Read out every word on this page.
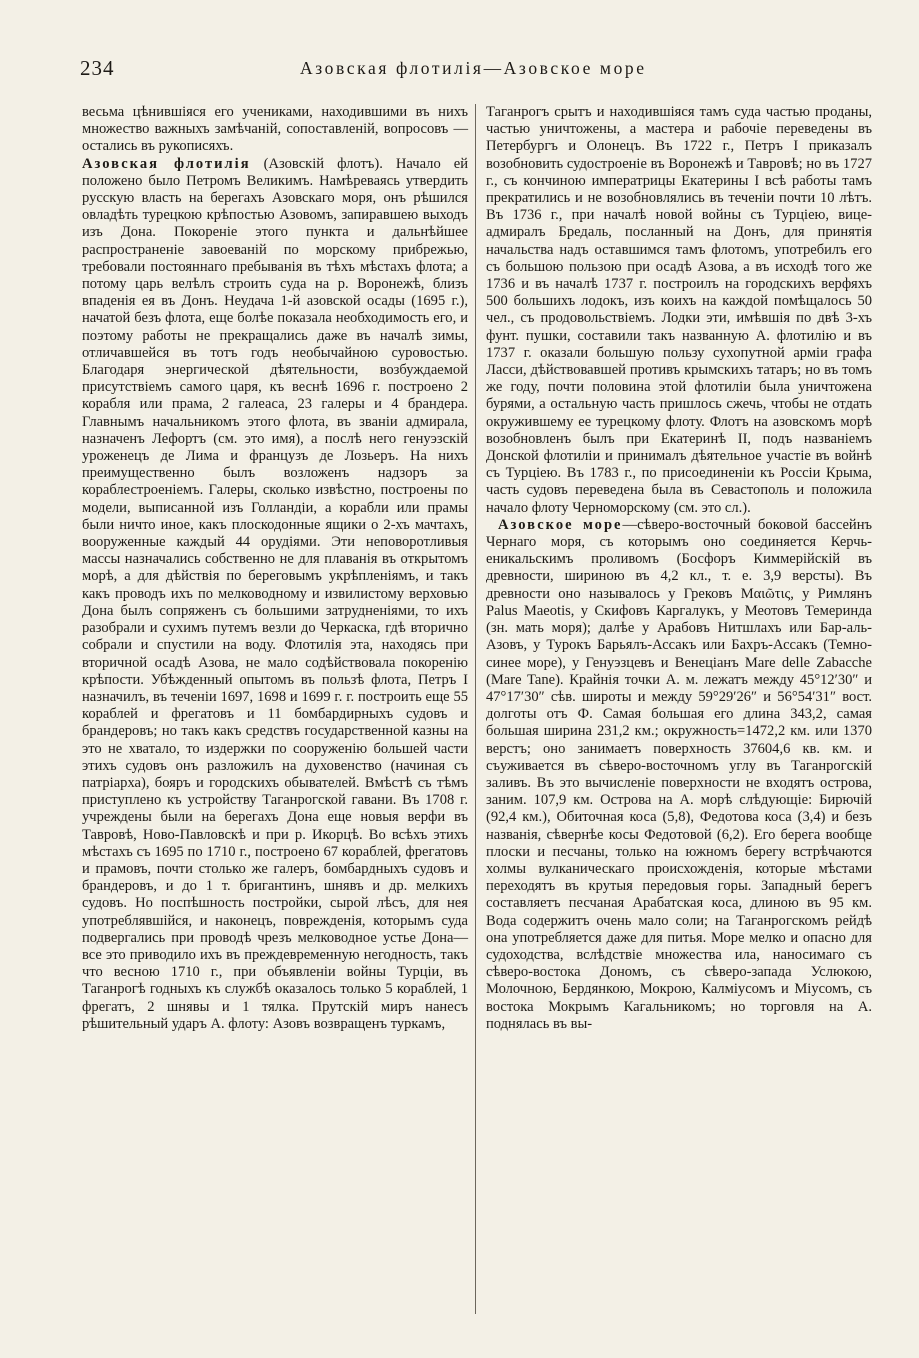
234	Азовская флотилія—Азовское море

весьма цѣнившіяся его учениками, находившими въ нихъ множество важныхъ замѣчаній, сопоставленій, вопросовъ — остались въ рукописяхъ.

Азовская флотилія (Азовскій флотъ). Начало ей положено было Петромъ Великимъ. Намѣреваясь утвердить русскую власть на берегахъ Азовскаго моря, онъ рѣшился овладѣть турецкою крѣпостью Азовомъ, запиравшею выходъ изъ Дона. Покореніе этого пункта и дальнѣйшее распространеніе завоеваній по морскому прибрежью, требовали постояннаго пребыванія въ тѣхъ мѣстахъ флота; а потому царь велѣлъ строить суда на р. Воронежѣ, близъ впаденія ея въ Донъ. Неудача 1-й азовской осады (1695 г.), начатой безъ флота, еще болѣе показала необходимость его, и поэтому работы не прекращались даже въ началѣ зимы, отличавшейся въ тотъ годъ необычайною суровостью. Благодаря энергической дѣятельности, возбуждаемой присутствіемъ самого царя, къ веснѣ 1696 г. построено 2 корабля или прама, 2 галеаса, 23 галеры и 4 брандера. Главнымъ начальникомъ этого флота, въ званіи адмирала, назначенъ Лефортъ (см. это имя), а послѣ него генуэзскій уроженецъ де Лима и французъ де Лозьеръ. На нихъ преимущественно былъ возложенъ надзоръ за кораблестроеніемъ. Галеры, сколько извѣстно, построены по модели, выписанной изъ Голландіи, а корабли или прамы были ничто иное, какъ плоскодонные ящики о 2-хъ мачтахъ, вооруженные каждый 44 орудіями. Эти неповоротливыя массы назначались собственно не для плаванія въ открытомъ морѣ, а для дѣйствія по береговымъ укрѣпленіямъ, и такъ какъ проводъ ихъ по мелководному и извилистому верховью Дона былъ сопряженъ съ большими затрудненіями, то ихъ разобрали и сухимъ путемъ везли до Черкаска, гдѣ вторично собрали и спустили на воду. Флотилія эта, находясь при вторичной осадѣ Азова, не мало содѣйствовала покоренію крѣпости. Убѣжденный опытомъ въ пользѣ флота, Петръ I назначилъ, въ теченіи 1697, 1698 и 1699 г. г. построить еще 55 кораблей и фрегатовъ и 11 бомбардирныхъ судовъ и брандеровъ; но такъ какъ средствъ государственной казны на это не хватало, то издержки по сооруженію большей части этихъ судовъ онъ разложилъ на духовенство (начиная съ патріарха), бояръ и городскихъ обывателей. Вмѣстѣ съ тѣмъ приступлено къ устройству Таганрогской гавани. Въ 1708 г. учреждены были на берегахъ Дона еще новыя верфи въ Тавровѣ, Ново-Павловскѣ и при р. Икорцѣ. Во всѣхъ этихъ мѣстахъ съ 1695 по 1710 г., построено 67 кораблей, фрегатовъ и прамовъ, почти столько же галеръ, бомбардныхъ судовъ и брандеровъ, и до 1 т. бригантинъ, шнявъ и др. мелкихъ судовъ. Но поспѣшность постройки, сырой лѣсъ, для нея употреблявшійся, и наконецъ, поврежденія, которымъ суда подвергались при проводѣ чрезъ мелководное устье Дона—все это приводило ихъ въ преждевременную негодность, такъ что весною 1710 г., при объявленіи войны Турціи, въ Таганрогѣ годныхъ къ службѣ оказалось только 5 кораблей, 1 фрегатъ, 2 шнявы и 1 тялка. Прутскій миръ нанесъ рѣшительный ударъ А. флоту: Азовъ возвращенъ туркамъ,

Таганрогъ срытъ и находившіяся тамъ суда частью проданы, частью уничтожены, а мастера и рабочіе переведены въ Петербургъ и Олонецъ. Въ 1722 г., Петръ I приказалъ возобновить судостроеніе въ Воронежѣ и Тавровѣ; но въ 1727 г., съ кончиною императрицы Екатерины I всѣ работы тамъ прекратились и не возобновлялись въ теченіи почти 10 лѣтъ. Въ 1736 г., при началѣ новой войны съ Турціею, вице-адмиралъ Бредаль, посланный на Донъ, для принятія начальства надъ оставшимся тамъ флотомъ, употребилъ его съ большою пользою при осадѣ Азова, а въ исходѣ того же 1736 и въ началѣ 1737 г. построилъ на городскихъ верфяхъ 500 большихъ лодокъ, изъ коихъ на каждой помѣщалось 50 чел., съ продовольствіемъ. Лодки эти, имѣвшія по двѣ 3-хъ фунт. пушки, составили такъ названную А. флотилію и въ 1737 г. оказали большую пользу сухопутной арміи графа Ласси, дѣйствовавшей противъ крымскихъ татаръ; но въ томъ же году, почти половина этой флотиліи была уничтожена бурями, а остальную часть пришлось сжечь, чтобы не отдать окружившему ее турецкому флоту. Флотъ на азовскомъ морѣ возобновленъ былъ при Екатеринѣ II, подъ названіемъ Донской флотиліи и принималъ дѣятельное участіе въ войнѣ съ Турціею. Въ 1783 г., по присоединеніи къ Россіи Крыма, часть судовъ переведена была въ Севастополь и положила начало флоту Черноморскому (см. это сл.).

Азовское море—сѣверо-восточный боковой бассейнъ Чернаго моря, съ которымъ оно соединяется Керчь-еникальскимъ проливомъ (Босфоръ Киммерійскій въ древности, шириною въ 4,2 кл., т. е. 3,9 версты). Въ древности оно называлось у Грековъ Μαιῶτις, у Римлянъ Palus Maeotis, у Скифовъ Каргалукъ, у Меотовъ Темеринда (зн. мать моря); далѣе у Арабовъ Нитшлахъ или Бар-аль-Азовъ, у Турокъ Барьялъ-Ассакъ или Бахръ-Ассакъ (Темно-синее море), у Генуэзцевъ и Венеціанъ Mare delle Zabacche (Mare Tane). Крайнія точки А. м. лежатъ между 45°12′30″ и 47°17′30″ сѣв. широты и между 59°29′26″ и 56°54′31″ вост. долготы отъ Ф. Самая большая его длина 343,2, самая большая ширина 231,2 км.; окружность=1472,2 км. или 1370 верстъ; оно занимаетъ поверхность 37604,6 кв. км. и съуживается въ сѣверо-восточномъ углу въ Таганрогскій заливъ. Въ это вычисленіе поверхности не входятъ острова, заним. 107,9 км. Острова на А. морѣ слѣдующіе: Бирючій (92,4 км.), Обиточная коса (5,8), Федотова коса (3,4) и безъ названія, сѣвернѣе косы Федотовой (6,2). Его берега вообще плоски и песчаны, только на южномъ берегу встрѣчаются холмы вулканическаго происхожденія, которые мѣстами переходятъ въ крутыя передовыя горы. Западный берегъ составляетъ песчаная Арабатская коса, длиною въ 95 км. Вода содержитъ очень мало соли; на Таганрогскомъ рейдѣ она употребляется даже для питья. Море мелко и опасно для судоходства, вслѣдствіе множества ила, наносимаго съ сѣверо-востока Дономъ, съ сѣверо-запада Услюкою, Молочною, Бердянкою, Мокрою, Калміусомъ и Міусомъ, съ востока Мокрымъ Кагальникомъ; но торговля на А. поднялась въ вы-
